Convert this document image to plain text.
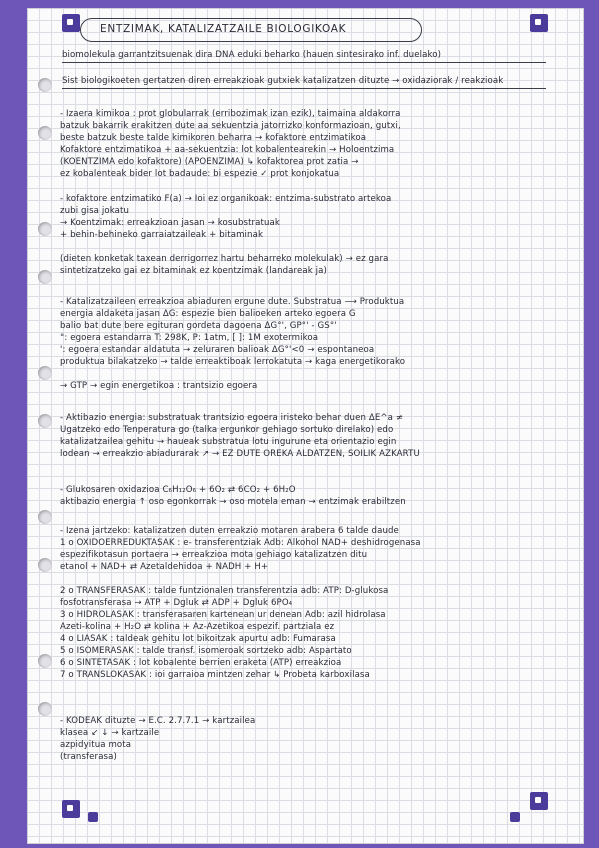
ENTZIMAK, KATALIZATZAILE BIOLOGIKOAK
biomolekula garrantzitsuenak dira DNA eduki beharko (hauen sintesirako inf. duelako)
Sist biologikoeten gertatzen diren erreakzioak gutxiek katalizatzen dituzte → oxidaziorak / reakzioak
- Izaera kimikoa : prot globularrak (erribozimak izan ezik), taimaina aldakorra
batzuk bakarrik erakitzen dute aa sekuentzia jatorrizko konformazioan, gutxi,
beste batzuk beste talde kimikoren beharra → kofaktore entzimatikoa
Kofaktore entzimatikoa + aa-sekuentzia: lot kobalentearekin → Holoentzima
(KOENTZIMA edo kofaktore) (APOENZIMA) ↳ kofaktorea prot zatia →
ez kobalenteak bider lot badaude: bi espezie ✓ prot konjokatua
- kofaktore entzimatiko F(a) → Ioi ez organikoak: entzima-substrato artekoa
zubi gisa jokatu
→ Koentzimak: erreakzioan jasan → kosubstratuak
+ behin-behineko garraiatzaileak + bitaminak
(dieten konketak taxean derrigorrez hartu beharreko molekulak) → ez gara
sintetizatzeko gai ez bitaminak ez koentzimak (landareak ja)
- Katalizatzaileen erreakzioa abiaduren ergune dute. Substratua ⟶ Produktua
energia aldaketa jasan ΔG: espezie bien balioeken arteko egoera G
balio bat dute bere egituran gordeta dagoena ΔG°', GP°' - GS°'
°: egoera estandarra T: 298K, P: 1atm, [ ]: 1M exotermikoa
': egoera estandar aldatuta → zeluraren balioak ΔG°'<0 → espontaneoa
produktua bilakatzeko → talde erreaktiboak lerrokatuta → kaga energetikorako
→ GTP → egin energetikoa : trantsizio egoera
- Aktibazio energia: substratuak trantsizio egoera iristeko behar duen ΔE^a ≠
Ugatzeko edo Tenperatura go (talka ergunkor gehiago sortuko direlako) edo
katalizatzailea gehitu → haueak substratua lotu ingurune eta orientazio egin
lodean → erreakzio abiadurarak ↗ → EZ DUTE OREKA ALDATZEN, SOILIK AZKARTU
- Glukosaren oxidazioa C₆H₁₂O₆ + 6O₂ ⇄ 6CO₂ + 6H₂O
aktibazio energia ↑ oso egonkorrak → oso motela eman → entzimak erabiltzen
- Izena jartzeko: katalizatzen duten erreakzio motaren arabera 6 talde daude
1 o OXIDOERREDUKTASAK : e- transferentziak Adb: Alkohol NAD+ deshidrogenasa
espezifikotasun portaera → erreakzioa mota gehiago katalizatzen ditu
etanol + NAD+ ⇄ Azetaldehidoa + NADH + H+
2 o TRANSFERASAK : talde funtzionalen transferentzia adb: ATP: D-glukosa
fosfotransferasa → ATP + Dgluk ⇄ ADP + Dgluk 6PO₄
3 o HIDROLASAK : transferasaren kartenean ur denean Adb: azil hidrolasa
Azeti-kolina + H₂O ⇄ kolina + Az-Azetikoa espezif. partziala ez
4 o LIASAK : taldeak gehitu lot bikoitzak apurtu adb: Fumarasa
5 o ISOMERASAK : talde transf. isomeroak sortzeko adb: Aspartato
6 o SINTETASAK : lot kobalente berrien eraketa (ATP) erreakzioa
7 o TRANSLOKASAK : ioi garraioa mintzen zehar ↳ Probeta karboxilasa
- KODEAK dituzte → E.C. 2.7.7.1 → kartzailea
klasea ↙ ↓ → kartzaile
azpidyitua mota
(transferasa)
